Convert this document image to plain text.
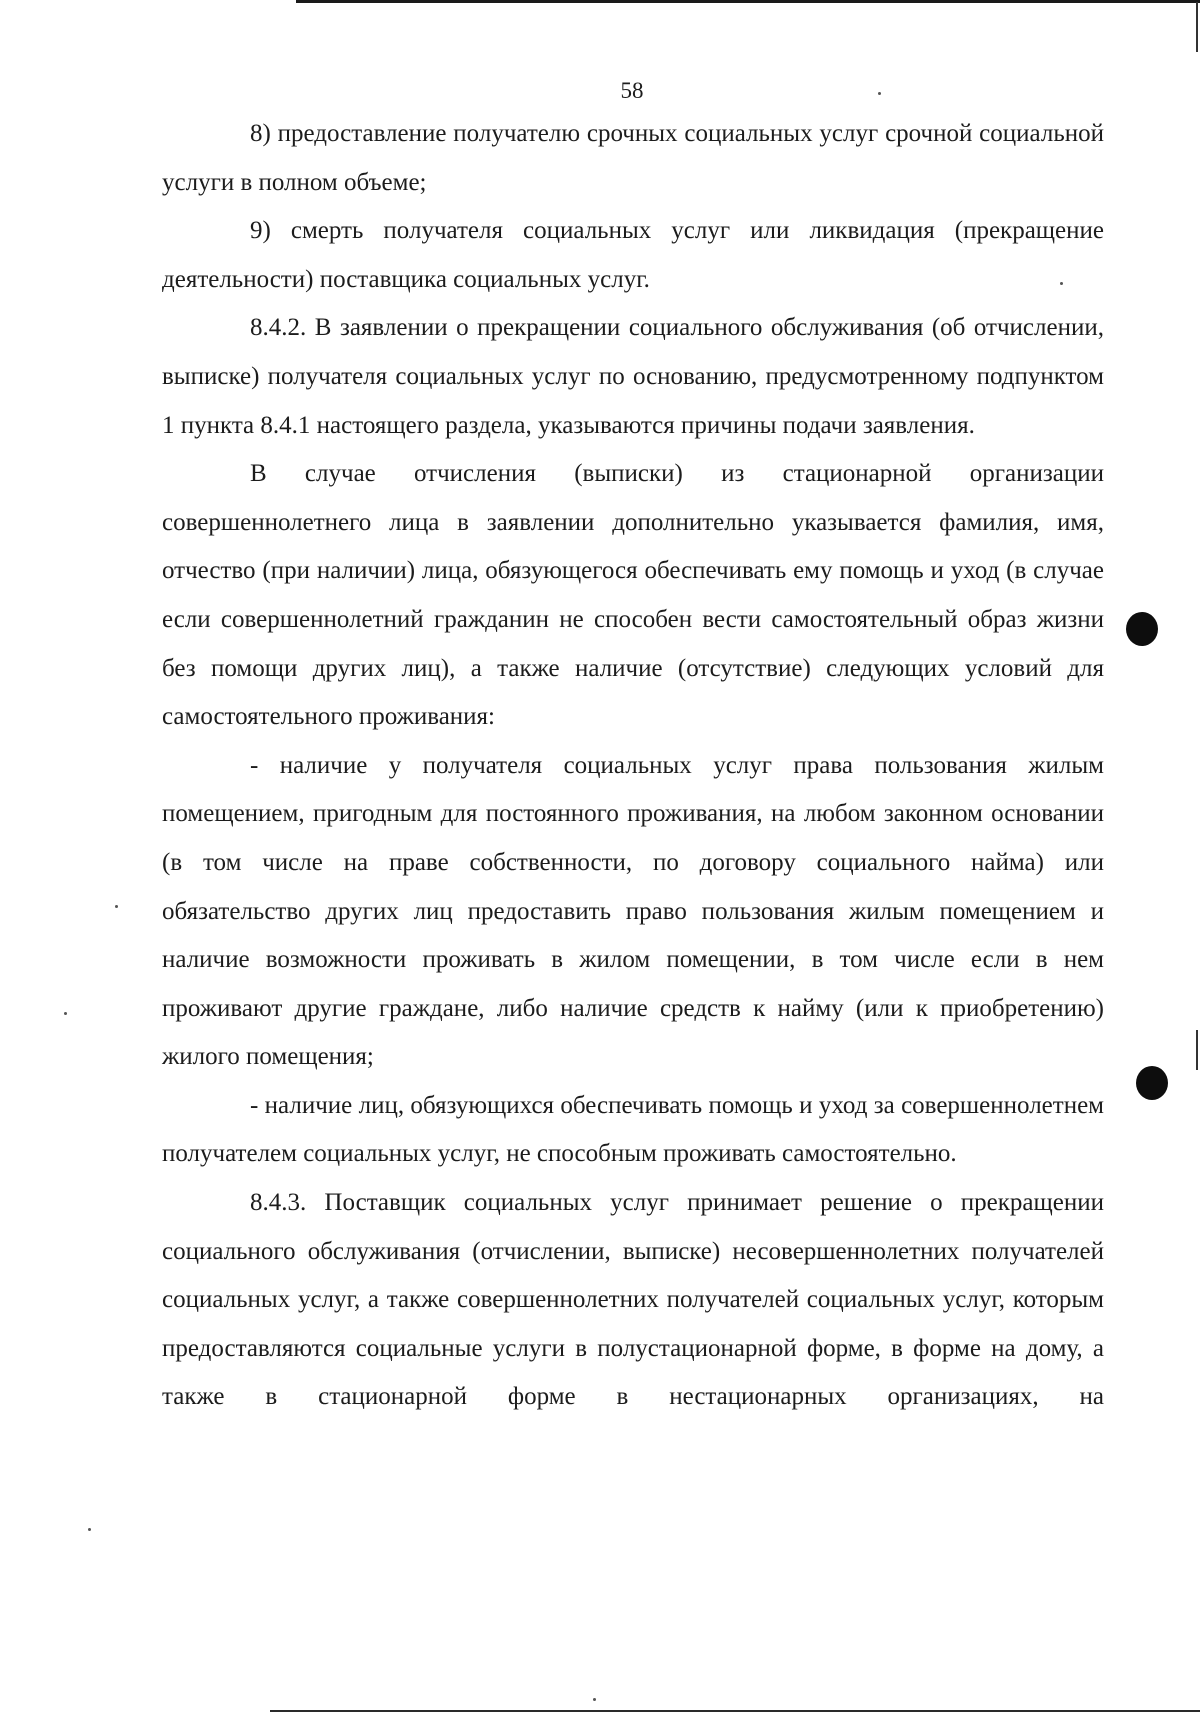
58

8) предоставление получателю срочных социальных услуг срочной социальной услуги в полном объеме;

9) смерть получателя социальных услуг или ликвидация (прекращение деятельности) поставщика социальных услуг.

8.4.2. В заявлении о прекращении социального обслуживания (об отчислении, выписке) получателя социальных услуг по основанию, предусмотренному подпунктом 1 пункта 8.4.1 настоящего раздела, указываются причины подачи заявления.

В случае отчисления (выписки) из стационарной организации совершеннолетнего лица в заявлении дополнительно указывается фамилия, имя, отчество (при наличии) лица, обязующегося обеспечивать ему помощь и уход (в случае если совершеннолетний гражданин не способен вести самостоятельный образ жизни без помощи других лиц), а также наличие (отсутствие) следующих условий для самостоятельного проживания:

- наличие у получателя социальных услуг права пользования жилым помещением, пригодным для постоянного проживания, на любом законном основании (в том числе на праве собственности, по договору социального найма) или обязательство других лиц предоставить право пользования жилым помещением и наличие возможности проживать в жилом помещении, в том числе если в нем проживают другие граждане, либо наличие средств к найму (или к приобретению) жилого помещения;

- наличие лиц, обязующихся обеспечивать помощь и уход за совершеннолетнем получателем социальных услуг, не способным проживать самостоятельно.

8.4.3. Поставщик социальных услуг принимает решение о прекращении социального обслуживания (отчислении, выписке) несовершеннолетних получателей социальных услуг, а также совершеннолетних получателей социальных услуг, которым предоставляются социальные услуги в полустационарной форме, в форме на дому, а также в стационарной форме в нестационарных организациях, на
